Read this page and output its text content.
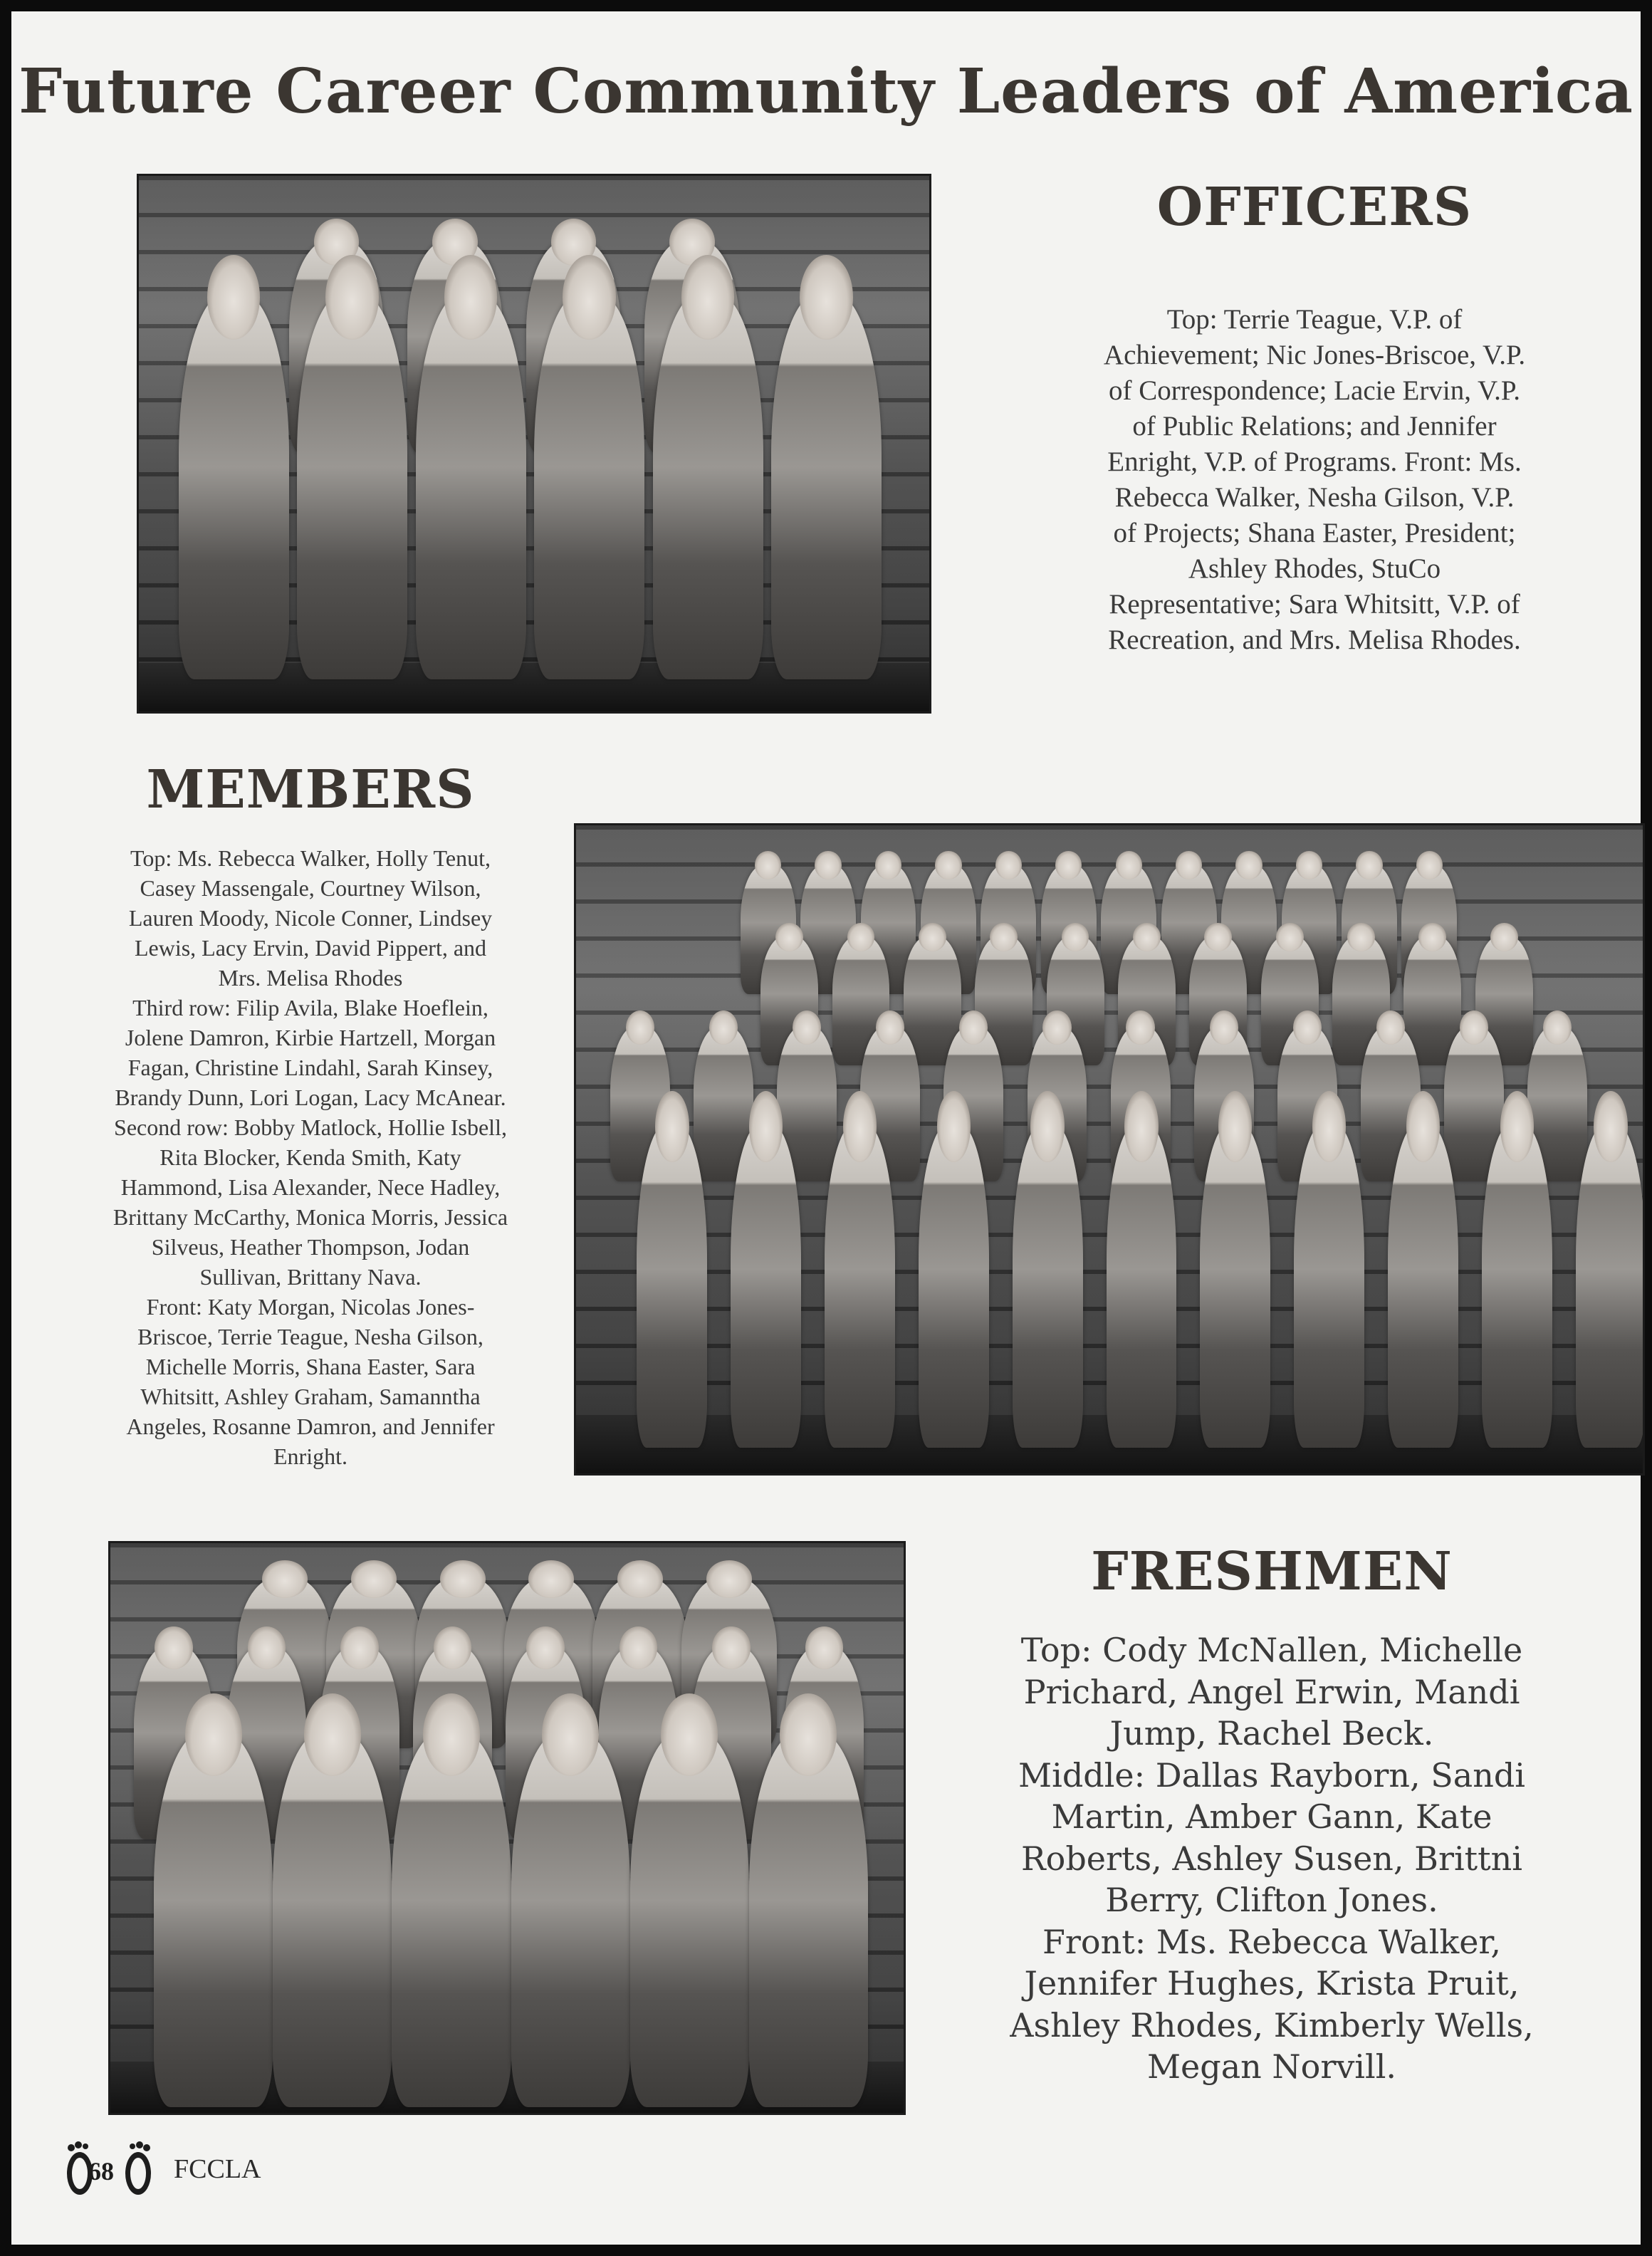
Future Career Community Leaders of America
OFFICERS
Top: Terrie Teague, V.P. of
Achievement; Nic Jones-Briscoe, V.P.
of Correspondence; Lacie Ervin, V.P.
of Public Relations; and Jennifer
Enright, V.P. of Programs. Front: Ms.
Rebecca Walker, Nesha Gilson, V.P.
of Projects; Shana Easter, President;
Ashley Rhodes, StuCo
Representative; Sara Whitsitt, V.P. of
Recreation, and Mrs. Melisa Rhodes.
MEMBERS
Top: Ms. Rebecca Walker, Holly Tenut,
Casey Massengale, Courtney Wilson,
Lauren Moody, Nicole Conner, Lindsey
Lewis, Lacy Ervin, David Pippert, and
Mrs. Melisa Rhodes
Third row: Filip Avila, Blake Hoeflein,
Jolene Damron, Kirbie Hartzell, Morgan
Fagan, Christine Lindahl, Sarah Kinsey,
Brandy Dunn, Lori Logan, Lacy McAnear.
Second row: Bobby Matlock, Hollie Isbell,
Rita Blocker, Kenda Smith, Katy
Hammond, Lisa Alexander, Nece Hadley,
Brittany McCarthy, Monica Morris, Jessica
Silveus, Heather Thompson, Jodan
Sullivan, Brittany Nava.
Front: Katy Morgan, Nicolas Jones-
Briscoe, Terrie Teague, Nesha Gilson,
Michelle Morris, Shana Easter, Sara
Whitsitt, Ashley Graham, Samanntha
Angeles, Rosanne Damron, and Jennifer
Enright.
FRESHMEN
Top: Cody McNallen, Michelle
Prichard, Angel Erwin, Mandi
Jump, Rachel Beck.
Middle: Dallas Rayborn, Sandi
Martin, Amber Gann, Kate
Roberts, Ashley Susen, Brittni
Berry, Clifton Jones.
Front: Ms. Rebecca Walker,
Jennifer Hughes, Krista Pruit,
Ashley Rhodes, Kimberly Wells,
Megan Norvill.
68 FCCLA
